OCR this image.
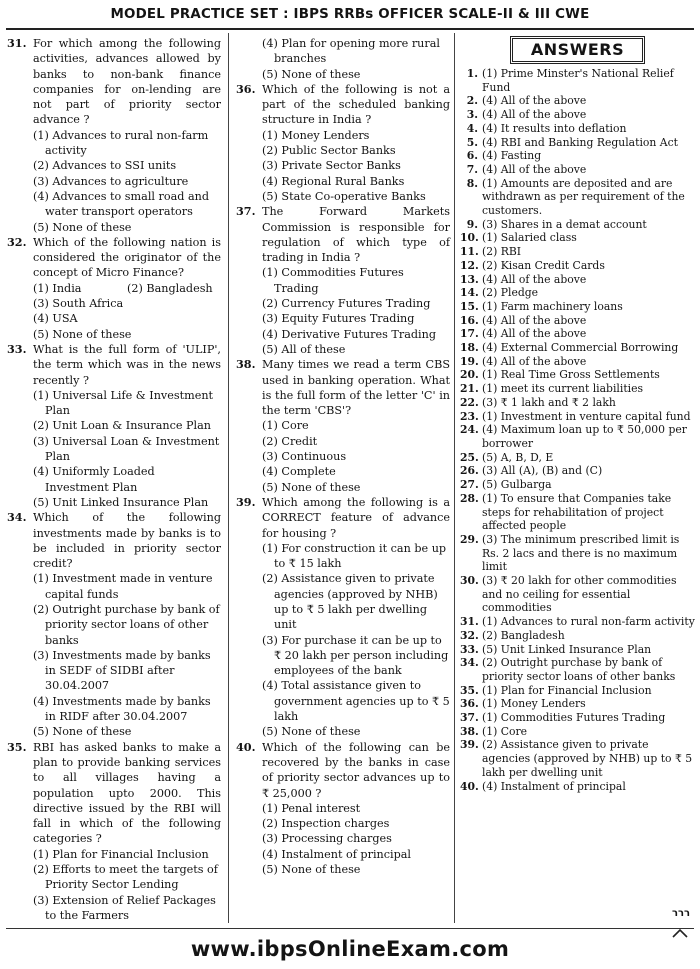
MODEL PRACTICE SET : IBPS RRBs OFFICER SCALE-II & III CWE
31. For which among the following activities, advances allowed by banks to non-bank finance companies for on-lending are not part of priority sector advance ?
(1) Advances to rural non-farm activity
(2) Advances to SSI units
(3) Advances to agriculture
(4) Advances to small road and water transport operators
(5) None of these
32. Which of the following nation is considered the originator of the concept of Micro Finance?
(1) India	(2) Bangladesh
(3) South Africa
(4) USA
(5) None of these
33. What is the full form of 'ULIP', the term which was in the news recently ?
(1) Universal Life & Investment Plan
(2) Unit Loan & Insurance Plan
(3) Universal Loan & Investment Plan
(4) Uniformly Loaded Investment Plan
(5) Unit Linked Insurance Plan
34. Which of the following investments made by banks is to be included in priority sector credit?
(1) Investment made in venture capital funds
(2) Outright purchase by bank of priority sector loans of other banks
(3) Investments made by banks in SEDF of SIDBI after 30.04.2007
(4) Investments made by banks in RIDF after 30.04.2007
(5) None of these
35. RBI has asked banks to make a plan to provide banking services to all villages having a population upto 2000. This directive issued by the RBI will fall in which of the following categories ?
(1) Plan for Financial Inclusion
(2) Efforts to meet the targets of Priority Sector Lending
(3) Extension of Relief Packages to the Farmers
(4) Plan for opening more rural branches
(5) None of these
36. Which of the following is not a part of the scheduled banking structure in India ?
(1) Money Lenders
(2) Public Sector Banks
(3) Private Sector Banks
(4) Regional Rural Banks
(5) State Co-operative Banks
37. The Forward Markets Commission is responsible for regulation of which type of trading in India ?
(1) Commodities Futures Trading
(2) Currency Futures Trading
(3) Equity Futures Trading
(4) Derivative Futures Trading
(5) All of these
38. Many times we read a term CBS used in banking operation. What is the full form of the letter 'C' in the term 'CBS'?
(1) Core
(2) Credit
(3) Continuous
(4) Complete
(5) None of these
39. Which among the following is a CORRECT feature of advance for housing ?
(1) For construction it can be up to ₹ 15 lakh
(2) Assistance given to private agencies (approved by NHB) up to ₹ 5 lakh per dwelling unit
(3) For purchase it can be up to ₹ 20 lakh per person including employees of the bank
(4) Total assistance given to government agencies up to ₹ 5 lakh
(5) None of these
40. Which of the following can be recovered by the banks in case of priority sector advances up to ₹ 25,000 ?
(1) Penal interest
(2) Inspection charges
(3) Processing charges
(4) Instalment of principal
(5) None of these
ANSWERS
1. (1) Prime Minster's National Relief Fund
2. (4) All of the above
3. (4) All of the above
4. (4) It results into deflation
5. (4) RBI and Banking Regulation Act
6. (4) Fasting
7. (4) All of the above
8. (1) Amounts are deposited and are withdrawn as per requirement of the customers.
9. (3) Shares in a demat account
10. (1) Salaried class
11. (2) RBI
12. (2) Kisan Credit Cards
13. (4) All of the above
14. (2) Pledge
15. (1) Farm machinery loans
16. (4) All of the above
17. (4) All of the above
18. (4) External Commercial Borrowing
19. (4) All of the above
20. (1) Real Time Gross Settlements
21. (1) meet its current liabilities
22. (3) ₹ 1 lakh and ₹ 2 lakh
23. (1) Investment in venture capital fund
24. (4) Maximum loan up to ₹ 50,000 per borrower
25. (5) A, B, D, E
26. (3) All (A), (B) and (C)
27. (5) Gulbarga
28. (1) To ensure that Companies take steps for rehabilitation of project affected people
29. (3) The minimum prescribed limit is Rs. 2 lacs and there is no maximum limit
30. (3) ₹ 20 lakh for other commodities and no ceiling for essential commodities
31. (1) Advances to rural non-farm activity
32. (2) Bangladesh
33. (5) Unit Linked Insurance Plan
34. (2) Outright purchase by bank of priority sector loans of other banks
35. (1) Plan for Financial Inclusion
36. (1) Money Lenders
37. (1) Commodities Futures Trading
38. (1) Core
39. (2) Assistance given to private agencies (approved by NHB) up to ₹ 5 lakh per dwelling unit
40. (4) Instalment of principal
ררר
www.ibpsOnlineExam.com
